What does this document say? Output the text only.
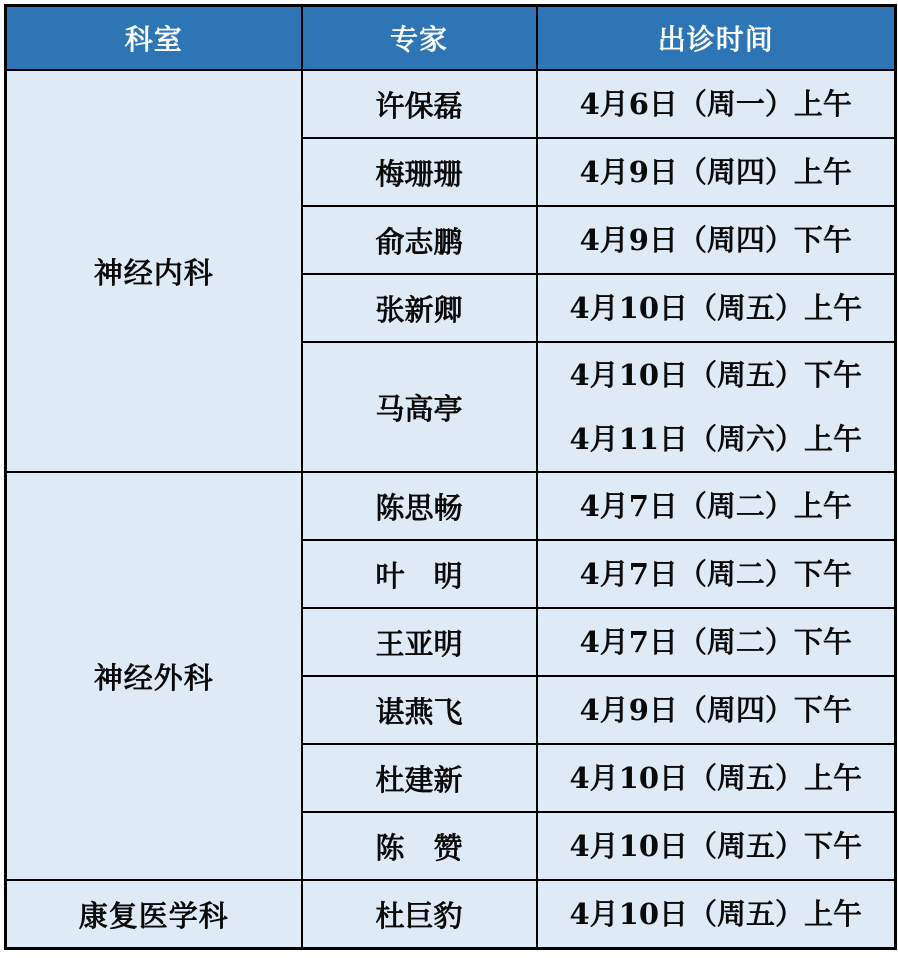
科室	专家	出诊时间
神经内科	许保磊	4月6日（周一）上午

	梅珊珊	4月9日（周四）上午

	俞志鹏	4月9日（周四）下午

	张新卿	4月10日（周五）上午

	马高亭	4月10日（周五）下午
4月11日（周六）上午

神经外科	陈思畅	4月7日（周二）上午

	叶　明	4月7日（周二）下午

	王亚明	4月7日（周二）下午

	谌燕飞	4月9日（周四）下午

	杜建新	4月10日（周五）上午

	陈　赞	4月10日（周五）下午

康复医学科	杜巨豹	4月10日（周五）上午
